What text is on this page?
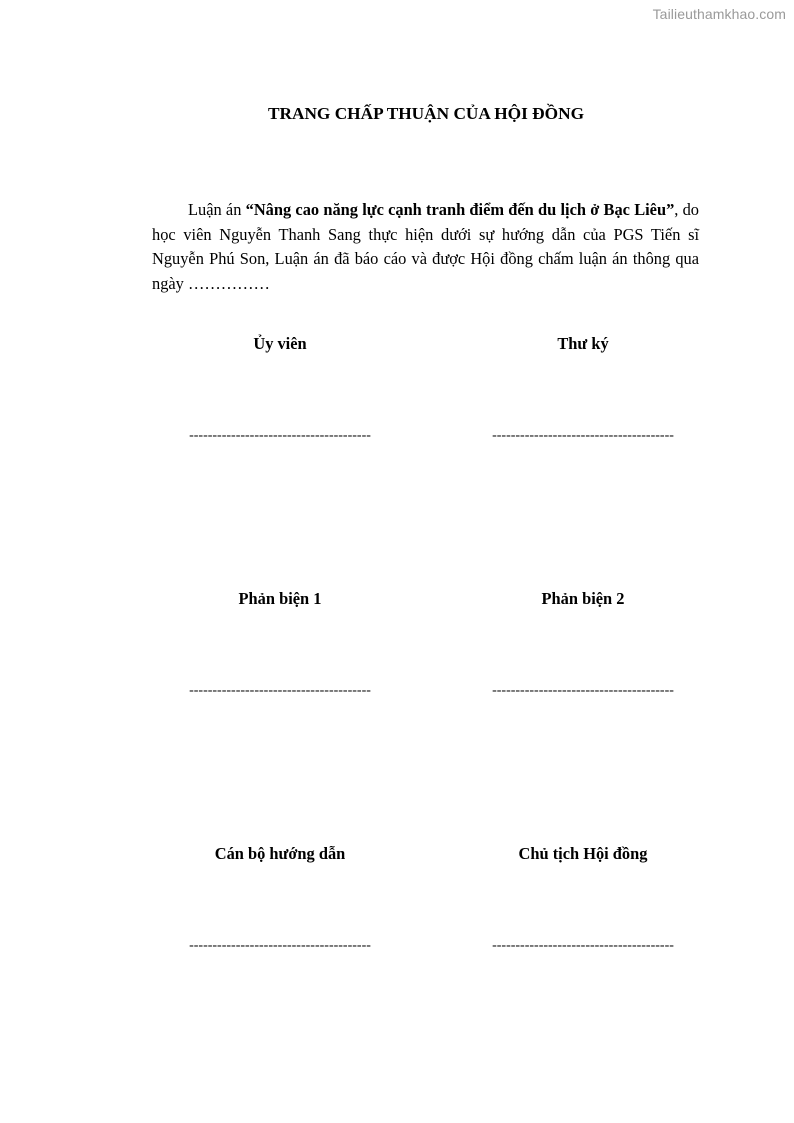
Tailieuthamkhao.com
TRANG CHẤP THUẬN CỦA HỘI ĐỒNG
Luận án “Nâng cao năng lực cạnh tranh điểm đến du lịch ở Bạc Liêu”, do học viên Nguyễn Thanh Sang thực hiện dưới sự hướng dẫn của PGS Tiến sĩ Nguyễn Phú Son, Luận án đã báo cáo và được Hội đồng chấm luận án thông qua ngày ……………
Ủy viên
---------------------------------------
Thư ký
---------------------------------------
Phản biện 1
---------------------------------------
Phản biện 2
---------------------------------------
Cán bộ hướng dẫn
---------------------------------------
Chủ tịch Hội đồng
---------------------------------------
